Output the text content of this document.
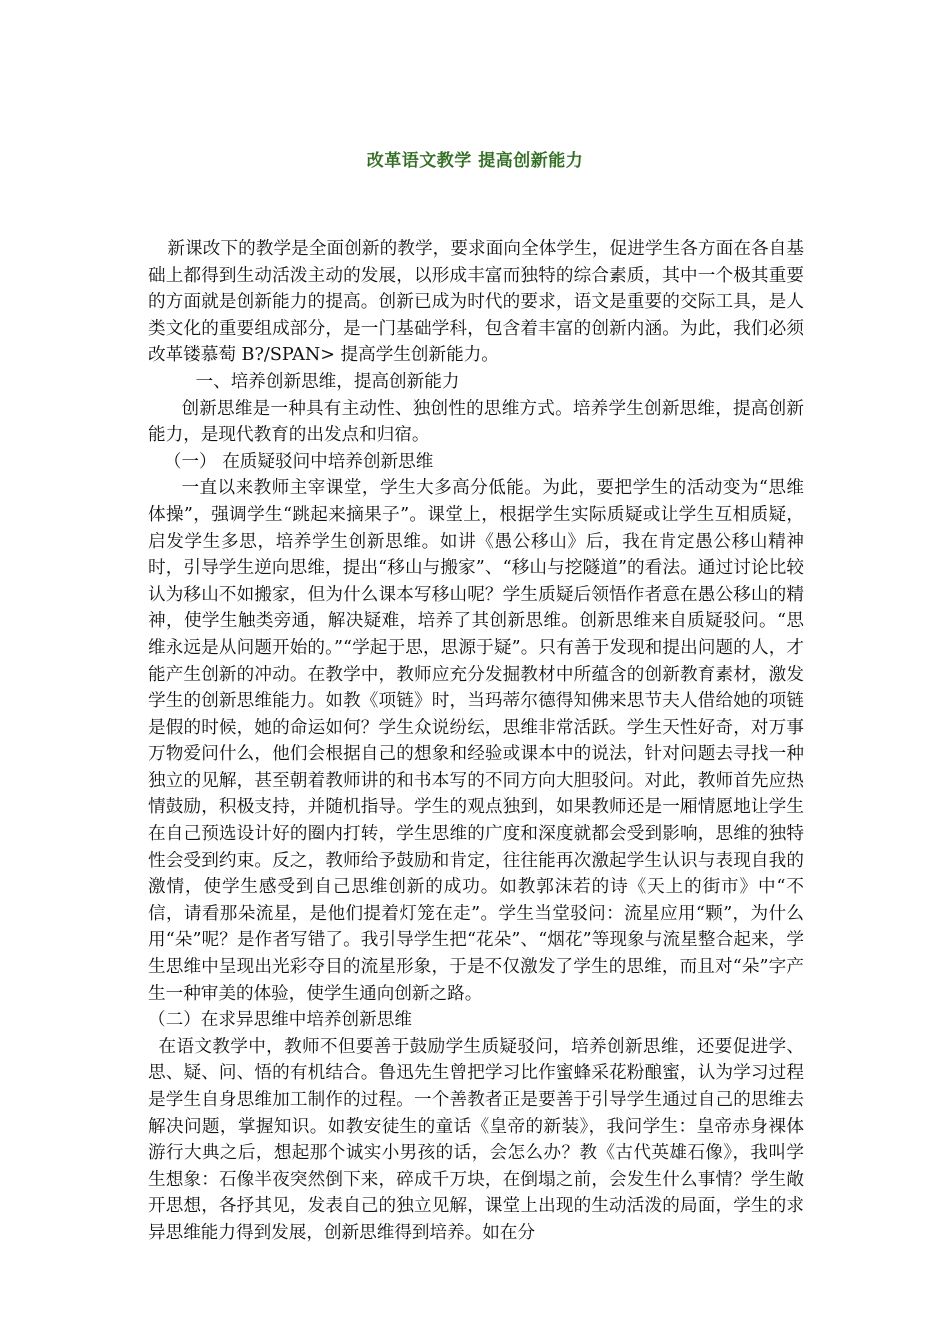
改革语文教学 提高创新能力

新课改下的教学是全面创新的教学，要求面向全体学生，促进学生各方面在各自基础上都得到生动活泼主动的发展，以形成丰富而独特的综合素质，其中一个极其重要的方面就是创新能力的提高。创新已成为时代的要求，语文是重要的交际工具，是人类文化的重要组成部分，是一门基础学科，包含着丰富的创新内涵。为此，我们必须改革镂慕萄 B?/SPAN> 提高学生创新能力。

一、培养创新思维，提高创新能力

创新思维是一种具有主动性、独创性的思维方式。培养学生创新思维，提高创新能力，是现代教育的出发点和归宿。

（一） 在质疑驳问中培养创新思维

一直以来教师主宰课堂，学生大多高分低能。为此，要把学生的活动变为“思维体操”，强调学生“跳起来摘果子”。课堂上，根据学生实际质疑或让学生互相质疑，启发学生多思，培养学生创新思维。如讲《愚公移山》后，我在肯定愚公移山精神时，引导学生逆向思维，提出“移山与搬家”、“移山与挖隧道”的看法。通过讨论比较认为移山不如搬家，但为什么课本写移山呢？学生质疑后领悟作者意在愚公移山的精神，使学生触类旁通，解决疑难，培养了其创新思维。创新思维来自质疑驳问。“思维永远是从问题开始的。”“学起于思，思源于疑”。只有善于发现和提出问题的人，才能产生创新的冲动。在教学中，教师应充分发掘教材中所蕴含的创新教育素材，激发学生的创新思维能力。如教《项链》时，当玛蒂尔德得知佛来思节夫人借给她的项链是假的时候，她的命运如何？学生众说纷纭，思维非常活跃。学生天性好奇，对万事万物爱问什么，他们会根据自己的想象和经验或课本中的说法，针对问题去寻找一种独立的见解，甚至朝着教师讲的和书本写的不同方向大胆驳问。对此，教师首先应热情鼓励，积极支持，并随机指导。学生的观点独到，如果教师还是一厢情愿地让学生在自己预选设计好的圈内打转，学生思维的广度和深度就都会受到影响，思维的独特性会受到约束。反之，教师给予鼓励和肯定，往往能再次激起学生认识与表现自我的激情，使学生感受到自己思维创新的成功。如教郭沫若的诗《天上的街市》中“不信，请看那朵流星，是他们提着灯笼在走”。学生当堂驳问：流星应用“颗”，为什么用“朵”呢？是作者写错了。我引导学生把“花朵”、“烟花”等现象与流星整合起来，学生思维中呈现出光彩夺目的流星形象，于是不仅激发了学生的思维，而且对“朵”字产生一种审美的体验，使学生通向创新之路。

（二）在求异思维中培养创新思维

在语文教学中，教师不但要善于鼓励学生质疑驳问，培养创新思维，还要促进学、思、疑、问、悟的有机结合。鲁迅先生曾把学习比作蜜蜂采花粉酿蜜，认为学习过程是学生自身思维加工制作的过程。一个善教者正是要善于引导学生通过自己的思维去解决问题，掌握知识。如教安徒生的童话《皇帝的新装》，我问学生：皇帝赤身裸体游行大典之后，想起那个诚实小男孩的话，会怎么办？教《古代英雄石像》，我叫学生想象：石像半夜突然倒下来，碎成千万块，在倒塌之前，会发生什么事情？学生敞开思想，各抒其见，发表自己的独立见解，课堂上出现的生动活泼的局面，学生的求异思维能力得到发展，创新思维得到培养。如在分
